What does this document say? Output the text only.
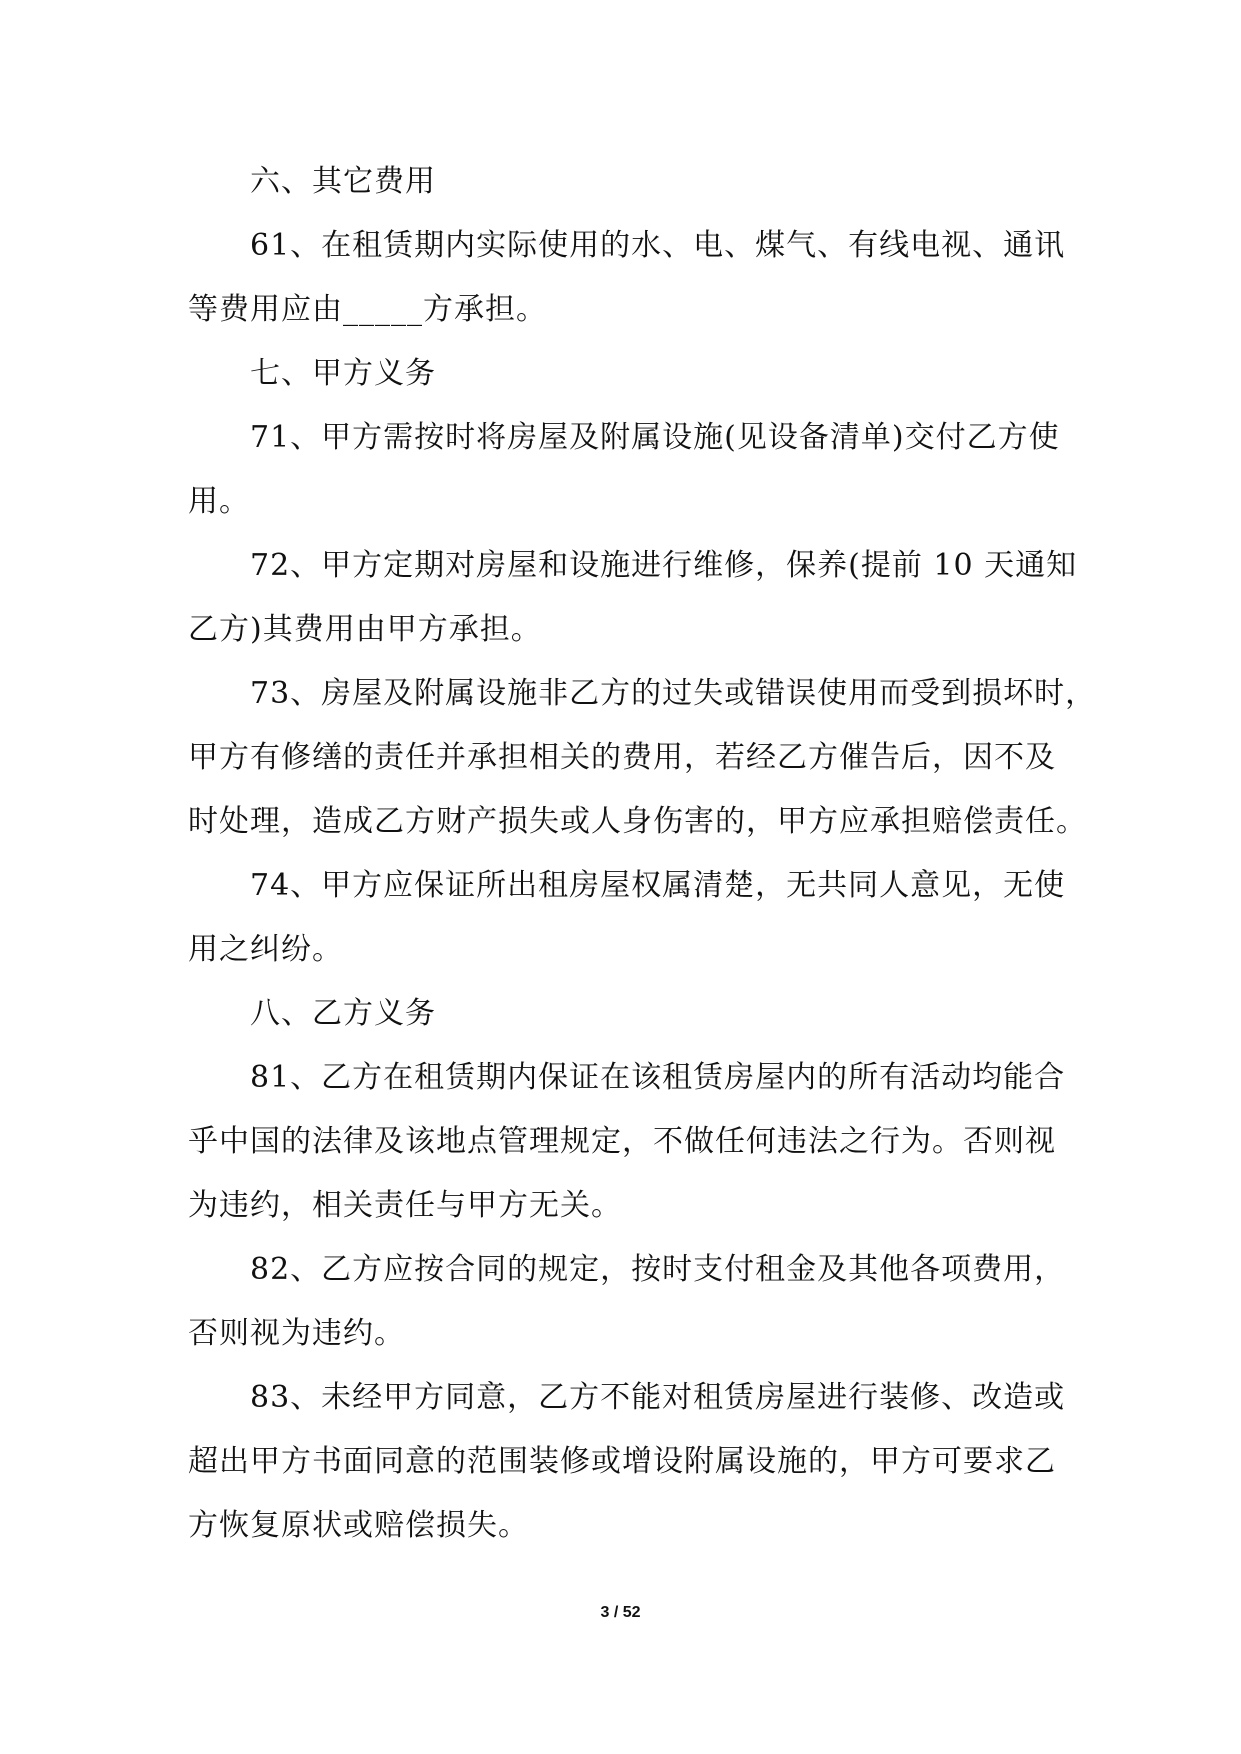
六、其它费用
61、在租赁期内实际使用的水、电、煤气、有线电视、通讯
等费用应由_____方承担。
七、甲方义务
71、甲方需按时将房屋及附属设施(见设备清单)交付乙方使
用。
72、甲方定期对房屋和设施进行维修，保养(提前 10 天通知
乙方)其费用由甲方承担。
73、房屋及附属设施非乙方的过失或错误使用而受到损坏时，
甲方有修缮的责任并承担相关的费用，若经乙方催告后，因不及
时处理，造成乙方财产损失或人身伤害的，甲方应承担赔偿责任。
74、甲方应保证所出租房屋权属清楚，无共同人意见，无使
用之纠纷。
八、乙方义务
81、乙方在租赁期内保证在该租赁房屋内的所有活动均能合
乎中国的法律及该地点管理规定，不做任何违法之行为。否则视
为违约，相关责任与甲方无关。
82、乙方应按合同的规定，按时支付租金及其他各项费用，
否则视为违约。
83、未经甲方同意，乙方不能对租赁房屋进行装修、改造或
超出甲方书面同意的范围装修或增设附属设施的，甲方可要求乙
方恢复原状或赔偿损失。
3 / 52
